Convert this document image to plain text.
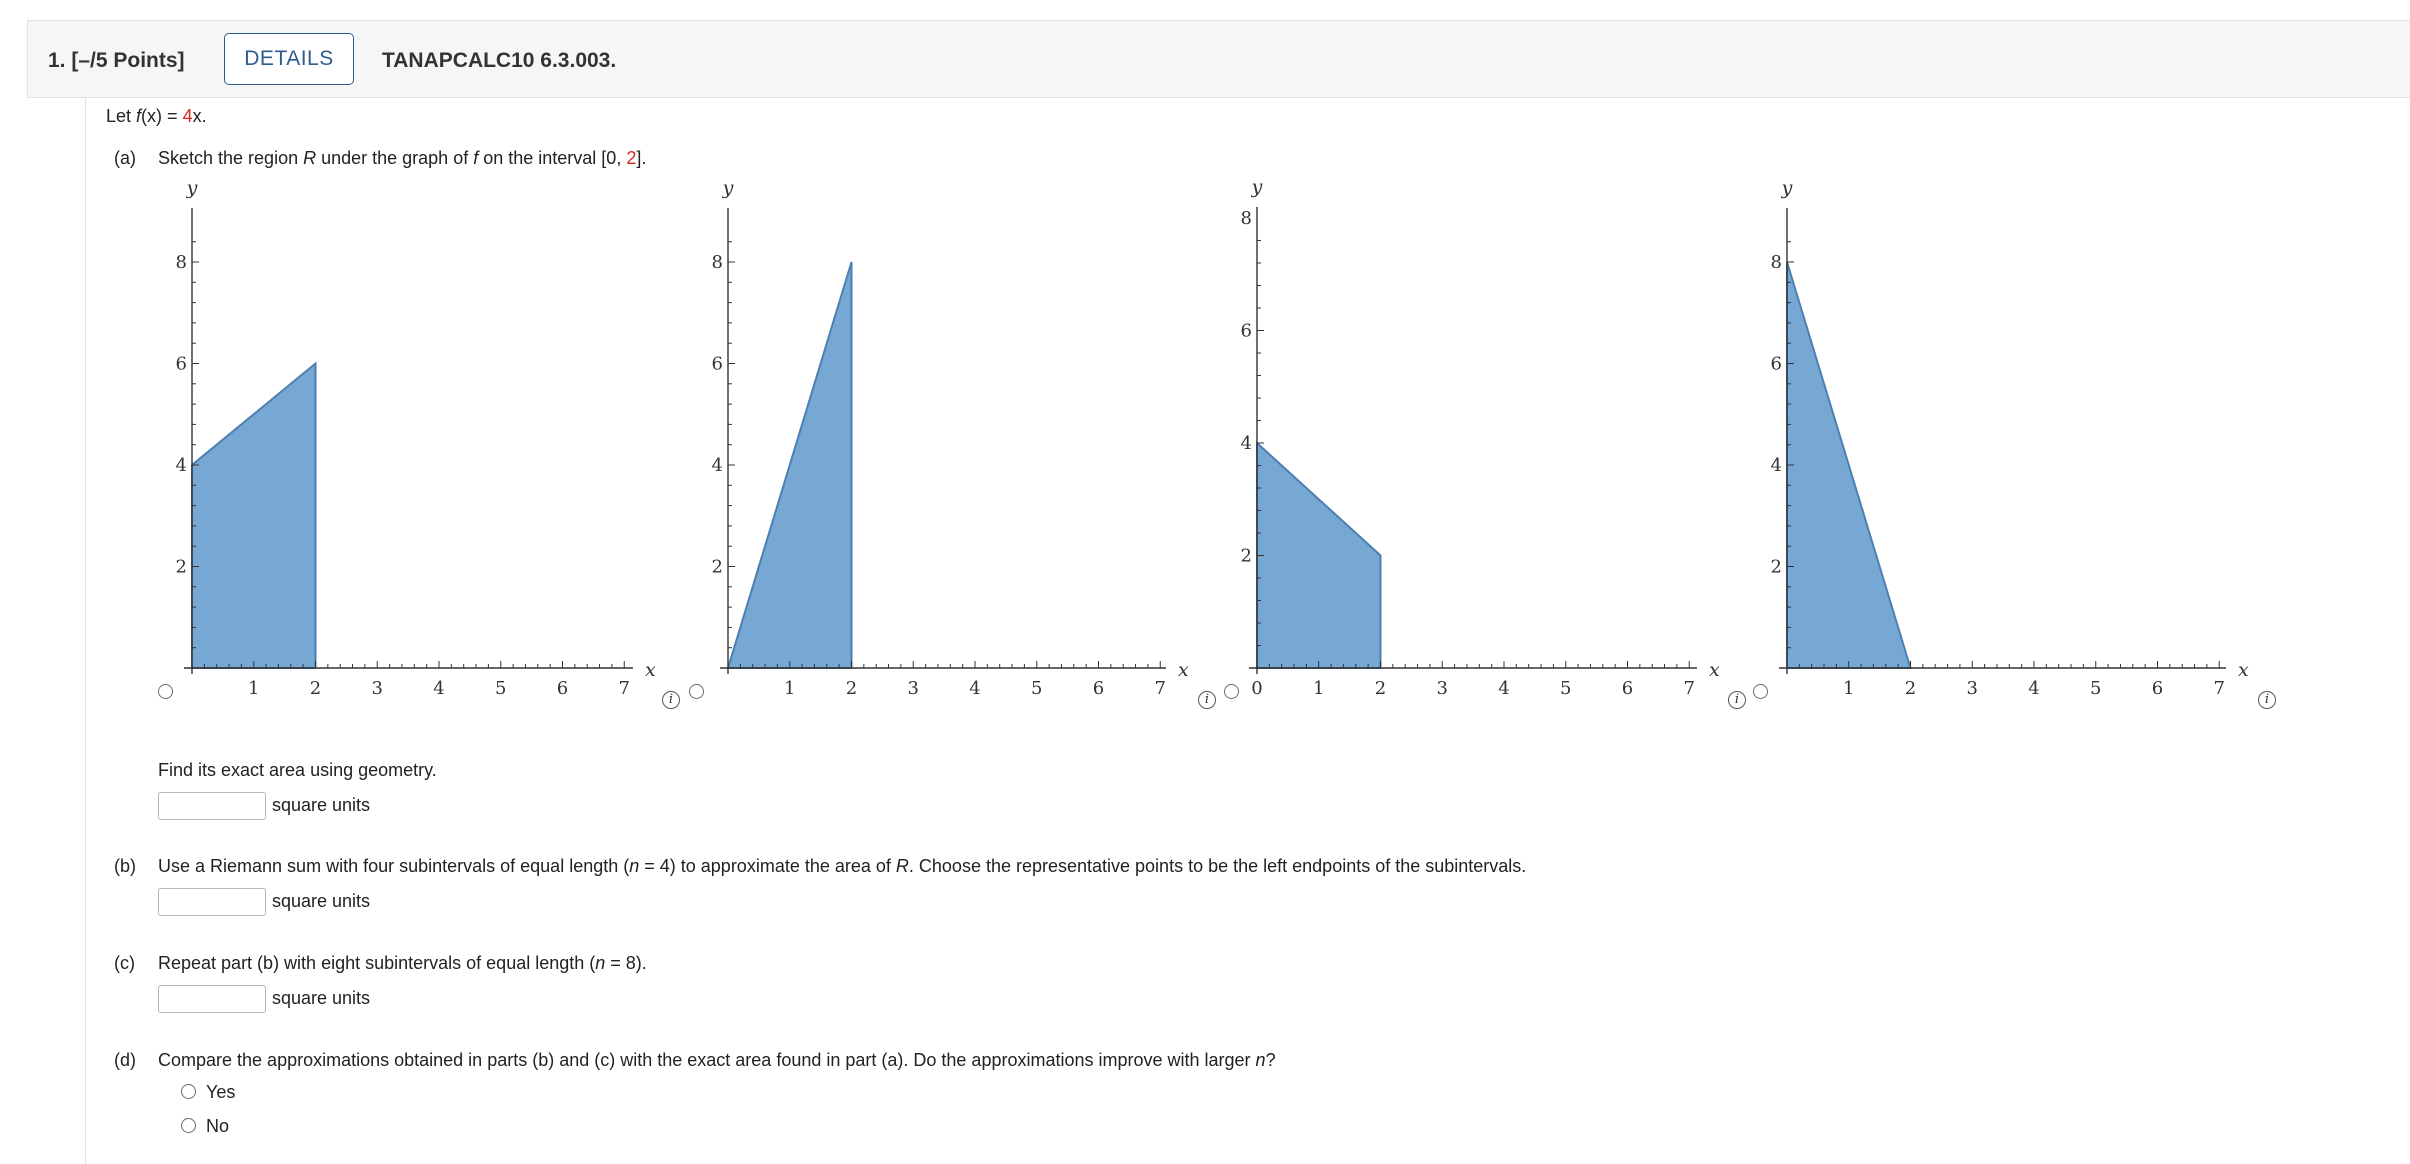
1. [–/5 Points]	DETAILS	TANAPCALC10 6.3.003.
Let f(x) = 4x.
(a) Sketch the region R under the graph of f on the interval [0, 2].
1	2	3	4	5	6	7
2
4
6
8
x
y
i
1	2	3	4	5	6	7
2
4
6
8
x
y
i
0	1	2	3	4	5	6	7
2
4
6
8
x
y
i
1	2	3	4	5	6	7
2
4
6
8
x
y
i
Find its exact area using geometry.
square units
(b) Use a Riemann sum with four subintervals of equal length (n = 4) to approximate the area of R. Choose the representative points to be the left endpoints of the subintervals.
square units
(c) Repeat part (b) with eight subintervals of equal length (n = 8).
square units
(d) Compare the approximations obtained in parts (b) and (c) with the exact area found in part (a). Do the approximations improve with larger n?
Yes
No
